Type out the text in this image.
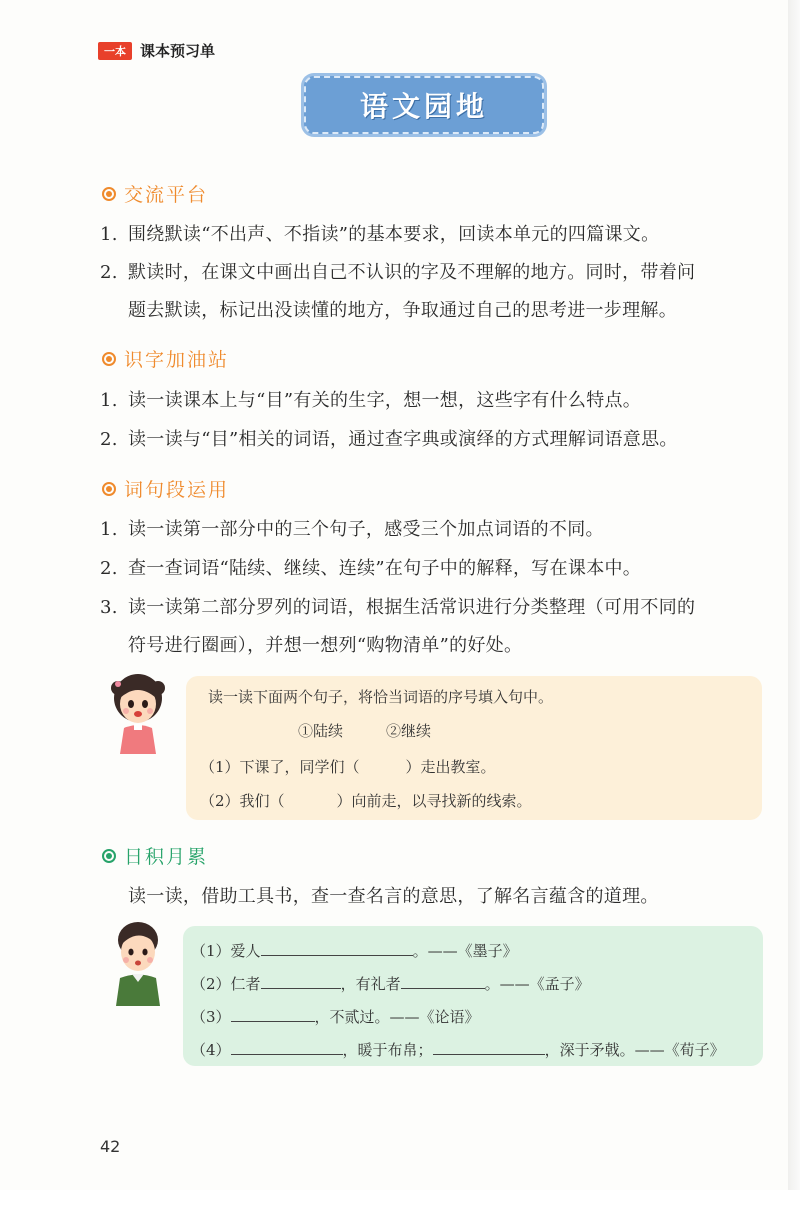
一本 课本预习单
语文园地
交流平台
1. 围绕默读“不出声、不指读”的基本要求，回读本单元的四篇课文。
2. 默读时，在课文中画出自己不认识的字及不理解的地方。同时，带着问
题去默读，标记出没读懂的地方，争取通过自己的思考进一步理解。
识字加油站
1. 读一读课本上与“目”有关的生字，想一想，这些字有什么特点。
2. 读一读与“目”相关的词语，通过查字典或演绎的方式理解词语意思。
词句段运用
1. 读一读第一部分中的三个句子，感受三个加点词语的不同。
2. 查一查词语“陆续、继续、连续”在句子中的解释，写在课本中。
3. 读一读第二部分罗列的词语，根据生活常识进行分类整理（可用不同的
符号进行圈画），并想一想列“购物清单”的好处。
读一读下面两个句子，将恰当词语的序号填入句中。
①陆续	②继续
（1）下课了，同学们（	）走出教室。
（2）我们（	）向前走，以寻找新的线索。
日积月累
读一读，借助工具书，查一查名言的意思，了解名言蕴含的道理。
（1）爱人	。——《墨子》
（2）仁者	，有礼者	。——《孟子》
（3）	，不贰过。——《论语》
（4）	，暖于布帛；	，深于矛戟。——《荀子》
42
